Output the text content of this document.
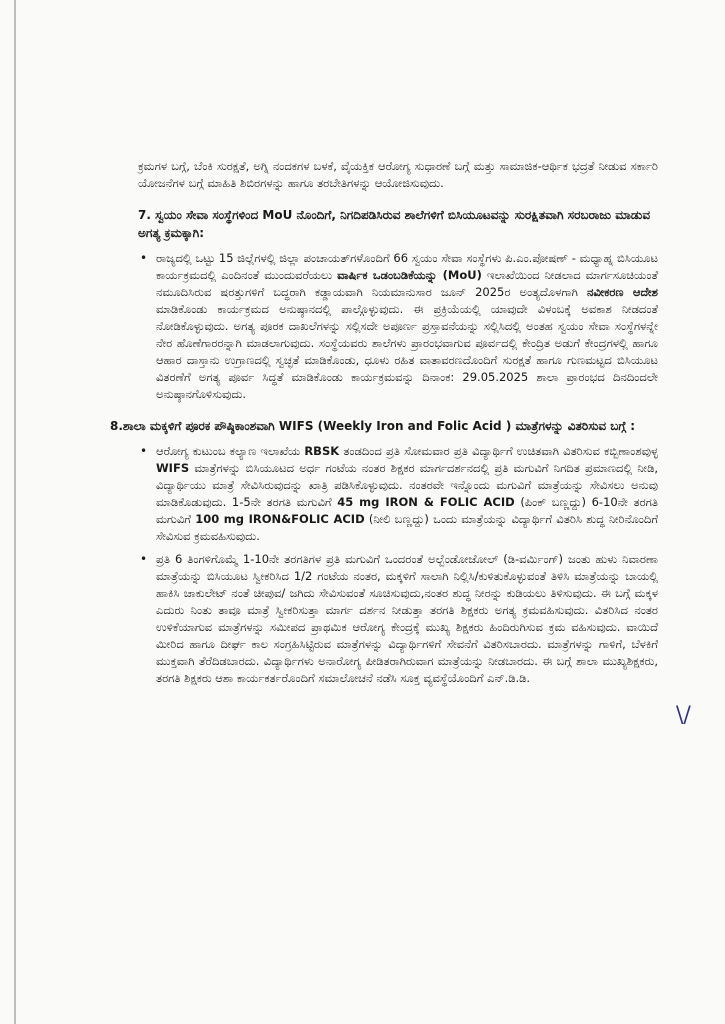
ಕ್ರಮಗಳ ಬಗ್ಗೆ, ಬೆಂಕಿ ಸುರಕ್ಷತೆ, ಅಗ್ನಿ ನಂದಕಗಳ ಬಳಕೆ, ವೈಯಕ್ತಿಕ ಆರೋಗ್ಯ ಸುಧಾರಣೆ ಬಗ್ಗೆ ಮತ್ತು ಸಾಮಾಜಿಕ-ಆರ್ಥಿಕ ಭದ್ರತೆ ನೀಡುವ ಸರ್ಕಾರಿ ಯೋಜನೆಗಳ ಬಗ್ಗೆ ಮಾಹಿತಿ ಶಿಬಿರಗಳನ್ನು ಹಾಗೂ ತರಬೇತಿಗಳನ್ನು ಆಯೋಜಿಸುವುದು.

7. ಸ್ವಯಂ ಸೇವಾ ಸಂಸ್ಥೆಗಳಿಂದ MoU ನೊಂದಿಗೆ, ನಿಗದಿಪಡಿಸಿರುವ ಶಾಲೆಗಳಿಗೆ ಬಿಸಿಯೂಟವನ್ನು ಸುರಕ್ಷಿತವಾಗಿ ಸರಬರಾಜು ಮಾಡುವ ಅಗತ್ಯ ಕ್ರಮಕ್ಕಾಗಿ:
• ರಾಜ್ಯದಲ್ಲಿ ಒಟ್ಟು 15 ಜಿಲ್ಲೆಗಳಲ್ಲಿ ಜಿಲ್ಲಾ ಪಂಚಾಯತ್‌ಗಳೊಂದಿಗೆ 66 ಸ್ವಯಂ ಸೇವಾ ಸಂಸ್ಥೆಗಳು ಪಿ.ಎಂ.ಪೋಷಣ್ - ಮಧ್ಯಾಹ್ನ ಬಿಸಿಯೂಟ ಕಾರ್ಯಕ್ರಮದಲ್ಲಿ ಎಂದಿನಂತೆ ಮುಂದುವರೆಯಲು ವಾರ್ಷಿಕ ಒಡಂಬಡಿಕೆಯನ್ನು (MoU) ಇಲಾಖೆಯಿಂದ ನೀಡಲಾದ ಮಾರ್ಗಸೂಚಿಯಂತೆ ನಮೂದಿಸಿರುವ ಷರತ್ತುಗಳಿಗೆ ಬದ್ಧರಾಗಿ ಕಡ್ಡಾಯವಾಗಿ ನಿಯಮಾನುಸಾರ ಜೂನ್ 2025ರ ಅಂತ್ಯದೊಳಗಾಗಿ ನವೀಕರಣ ಆದೇಶ ಮಾಡಿಕೊಂಡು ಕಾರ್ಯಕ್ರಮದ ಅನುಷ್ಠಾನದಲ್ಲಿ ಪಾಲ್ಗೊಳ್ಳುವುದು. ಈ ಪ್ರಕ್ರಿಯೆಯಲ್ಲಿ ಯಾವುದೇ ವಿಳಂಬಕ್ಕೆ ಅವಕಾಶ ನೀಡದಂತೆ ನೋಡಿಕೊಳ್ಳುವುದು. ಅಗತ್ಯ ಪೂರಕ ದಾಖಲೆಗಳನ್ನು ಸಲ್ಲಿಸದೇ ಅಪೂರ್ಣ ಪ್ರಸ್ತಾವನೆಯನ್ನು ಸಲ್ಲಿಸಿದಲ್ಲಿ ಅಂತಹ ಸ್ವಯಂ ಸೇವಾ ಸಂಸ್ಥೆಗಳನ್ನೇ ನೇರ ಹೊಣೆಗಾರರನ್ನಾಗಿ ಮಾಡಲಾಗುವುದು. ಸಂಸ್ಥೆಯವರು ಶಾಲೆಗಳು ಪ್ರಾರಂಭವಾಗುವ ಪೂರ್ವದಲ್ಲಿ ಕೇಂದ್ರಿತ ಅಡುಗೆ ಕೇಂದ್ರಗಳಲ್ಲಿ ಹಾಗೂ ಆಹಾರ ದಾಸ್ತಾನು ಉಗ್ರಾಣದಲ್ಲಿ ಸ್ವಚ್ಛತೆ ಮಾಡಿಕೊಂಡು, ಧೂಳು ರಹಿತ ವಾತಾವರಣದೊಂದಿಗೆ ಸುರಕ್ಷತೆ ಹಾಗೂ ಗುಣಮಟ್ಟದ ಬಿಸಿಯೂಟ ವಿತರಣೆಗೆ ಅಗತ್ಯ ಪೂರ್ವ ಸಿದ್ಧತೆ ಮಾಡಿಕೊಂಡು ಕಾರ್ಯಕ್ರಮವನ್ನು ದಿನಾಂಕ: 29.05.2025 ಶಾಲಾ ಪ್ರಾರಂಭದ ದಿನದಿಂದಲೇ ಅನುಷ್ಠಾನಗೊಳಿಸುವುದು.
8.ಶಾಲಾ ಮಕ್ಕಳಿಗೆ ಪೂರಕ ಪೌಷ್ಠಿಕಾಂಶವಾಗಿ WIFS (Weekly Iron and Folic Acid ) ಮಾತ್ರೆಗಳನ್ನು ವಿತರಿಸುವ ಬಗ್ಗೆ :
• ಆರೋಗ್ಯ ಕುಟುಂಬ ಕಲ್ಯಾಣ ಇಲಾಖೆಯ RBSK ತಂಡದಿಂದ ಪ್ರತಿ ಸೋಮವಾರ ಪ್ರತಿ ವಿದ್ಯಾರ್ಥಿಗೆ ಉಚಿತವಾಗಿ ವಿತರಿಸುವ ಕಬ್ಬಿಣಾಂಶವುಳ್ಳ WIFS ಮಾತ್ರೆಗಳನ್ನು ಬಿಸಿಯೂಟದ ಅರ್ಧ ಗಂಟೆಯ ನಂತರ ಶಿಕ್ಷಕರ ಮಾರ್ಗದರ್ಶನದಲ್ಲಿ ಪ್ರತಿ ಮಗುವಿಗೆ ನಿಗದಿತ ಪ್ರಮಾಣದಲ್ಲಿ ನೀಡಿ, ವಿದ್ಯಾರ್ಥಿಯು ಮಾತ್ರೆ ಸೇವಿಸಿರುವುದನ್ನು ಖಾತ್ರಿ ಪಡಿಸಿಕೊಳ್ಳುವುದು. ನಂತರವೇ ಇನ್ನೊಂದು ಮಗುವಿಗೆ ಮಾತ್ರೆಯನ್ನು ಸೇವಿಸಲು ಅನುವು ಮಾಡಿಕೊಡುವುದು. 1-5ನೇ ತರಗತಿ ಮಗುವಿಗೆ 45 mg IRON & FOLIC ACID (ಪಿಂಕ್ ಬಣ್ಣದ್ದು) 6-10ನೇ ತರಗತಿ ಮಗುವಿಗೆ 100 mg IRON&FOLIC ACID (ನೀಲಿ ಬಣ್ಣದ್ದು) ಒಂದು ಮಾತ್ರೆಯನ್ನು ವಿದ್ಯಾರ್ಥಿಗೆ ವಿತರಿಸಿ ಶುದ್ಧ ನೀರಿನೊಂದಿಗೆ ಸೇವಿಸುವ ಕ್ರಮವಹಿಸುವುದು.
• ಪ್ರತಿ 6 ತಿಂಗಳಿಗೊಮ್ಮೆ 1-10ನೇ ತರಗತಿಗಳ ಪ್ರತಿ ಮಗುವಿಗೆ ಒಂದರಂತೆ ಅಲ್ಬೆಂಡೋಜೋಲ್ (ಡಿ-ವರ್ಮಿಂಗ್) ಜಂತು ಹುಳು ನಿವಾರಣಾ ಮಾತ್ರೆಯನ್ನು ಬಿಸಿಯೂಟ ಸ್ವೀಕರಿಸಿದ 1/2 ಗಂಟೆಯ ನಂತರ, ಮಕ್ಕಳಿಗೆ ಸಾಲಾಗಿ ನಿಲ್ಲಿಸಿ/ಕುಳಿತುಕೊಳ್ಳುವಂತೆ ತಿಳಿಸಿ ಮಾತ್ರೆಯನ್ನು ಬಾಯಲ್ಲಿ ಹಾಕಿಸಿ ಚಾಕುಲೇಟ್ ನಂತೆ ಚೀಪುವ/ ಜಗಿದು ಸೇವಿಸುವಂತೆ ಸೂಚಿಸುವುದು,ನಂತರ ಶುದ್ಧ ನೀರನ್ನು ಕುಡಿಯಲು ತಿಳಿಸುವುದು. ಈ ಬಗ್ಗೆ ಮಕ್ಕಳ ಎದುರು ನಿಂತು ತಾವೂ ಮಾತ್ರೆ ಸ್ವೀಕರಿಸುತ್ತಾ ಮಾರ್ಗ ದರ್ಶನ ನೀಡುತ್ತಾ ತರಗತಿ ಶಿಕ್ಷಕರು ಅಗತ್ಯ ಕ್ರಮವಹಿಸುವುದು. ವಿತರಿಸಿದ ನಂತರ ಉಳಿಕೆಯಾಗುವ ಮಾತ್ರೆಗಳನ್ನು ಸಮೀಪದ ಪ್ರಾಥಮಿಕ ಆರೋಗ್ಯ ಕೇಂದ್ರಕ್ಕೆ ಮುಖ್ಯ ಶಿಕ್ಷಕರು ಹಿಂದಿರುಗಿಸುವ ಕ್ರಮ ವಹಿಸುವುದು. ವಾಯಿದೆ ಮೀರಿದ ಹಾಗೂ ದೀರ್ಘ ಕಾಲ ಸಂಗ್ರಹಿಸಿಟ್ಟಿರುವ ಮಾತ್ರೆಗಳನ್ನು ವಿದ್ಯಾರ್ಥಿಗಳಿಗೆ ಸೇವನೆಗೆ ವಿತರಿಸಬಾರದು. ಮಾತ್ರೆಗಳನ್ನು ಗಾಳಿಗೆ, ಬೆಳಕಿಗೆ ಮುಕ್ತವಾಗಿ ತೆರೆದಿಡಬಾರದು. ವಿದ್ಯಾರ್ಥಿಗಳು ಅನಾರೋಗ್ಯ ಪೀಡಿತರಾಗಿರುವಾಗ ಮಾತ್ರೆಯನ್ನು ನೀಡಬಾರದು. ಈ ಬಗ್ಗೆ ಶಾಲಾ ಮುಖ್ಯಶಿಕ್ಷಕರು, ತರಗತಿ ಶಿಕ್ಷಕರು ಆಶಾ ಕಾರ್ಯಕರ್ತರೊಂದಿಗೆ ಸಮಾಲೋಚನೆ ನಡೆಸಿ ಸೂಕ್ತ ವ್ಯವಸ್ಥೆಯೊಂದಿಗೆ ಎನ್.ಡಿ.ಡಿ.
\/
